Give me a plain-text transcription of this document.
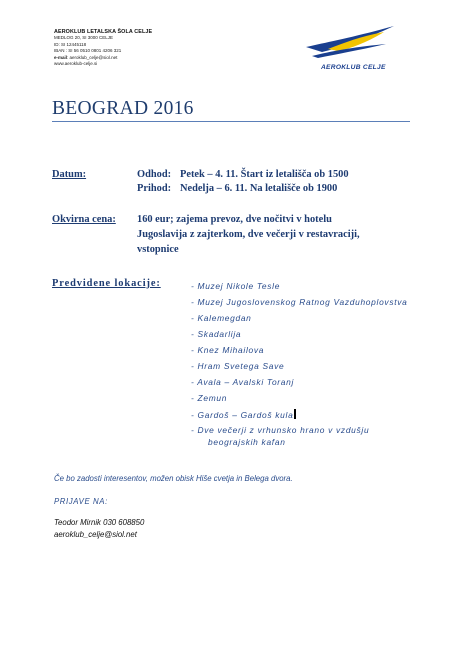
AEROKLUB LETALSKA ŠOLA CELJE
MEDLOG 20, SI 3000 CELJE
ID: SI 12445118
IBAN : SI 56 0510 0801 4206 321
e-mail: aeroklub_celje@siol.net
www.aeroklub-celje.si
AEROKLUB CELJE
BEOGRAD 2016
Datum:	Odhod: Petek – 4. 11. Štart iz letališča ob 1500
Prihod: Nedelja – 6. 11. Na letališče ob 1900
Okvirna cena: 160 eur; zajema prevoz, dve nočitvi v hotelu
Jugoslavija z zajterkom, dve večerji v restavraciji,
vstopnice
Predvidene lokacije:	- Muzej Nikole Tesle
- Muzej Jugoslovenskog Ratnog Vazduhoplovstva
- Kalemegdan
- Skadarlija
- Knez Mihailova
- Hram Svetega Save
- Avala – Avalski Toranj
- Zemun
- Gardoš – Gardoš kula
- Dve večerji z vrhunsko hrano v vzdušju
beograjskih kafan
Če bo zadosti interesentov, možen obisk Hiše cvetja in Belega dvora.
PRIJAVE NA:
Teodor Mirnik 030 608850
aeroklub_celje@siol.net
